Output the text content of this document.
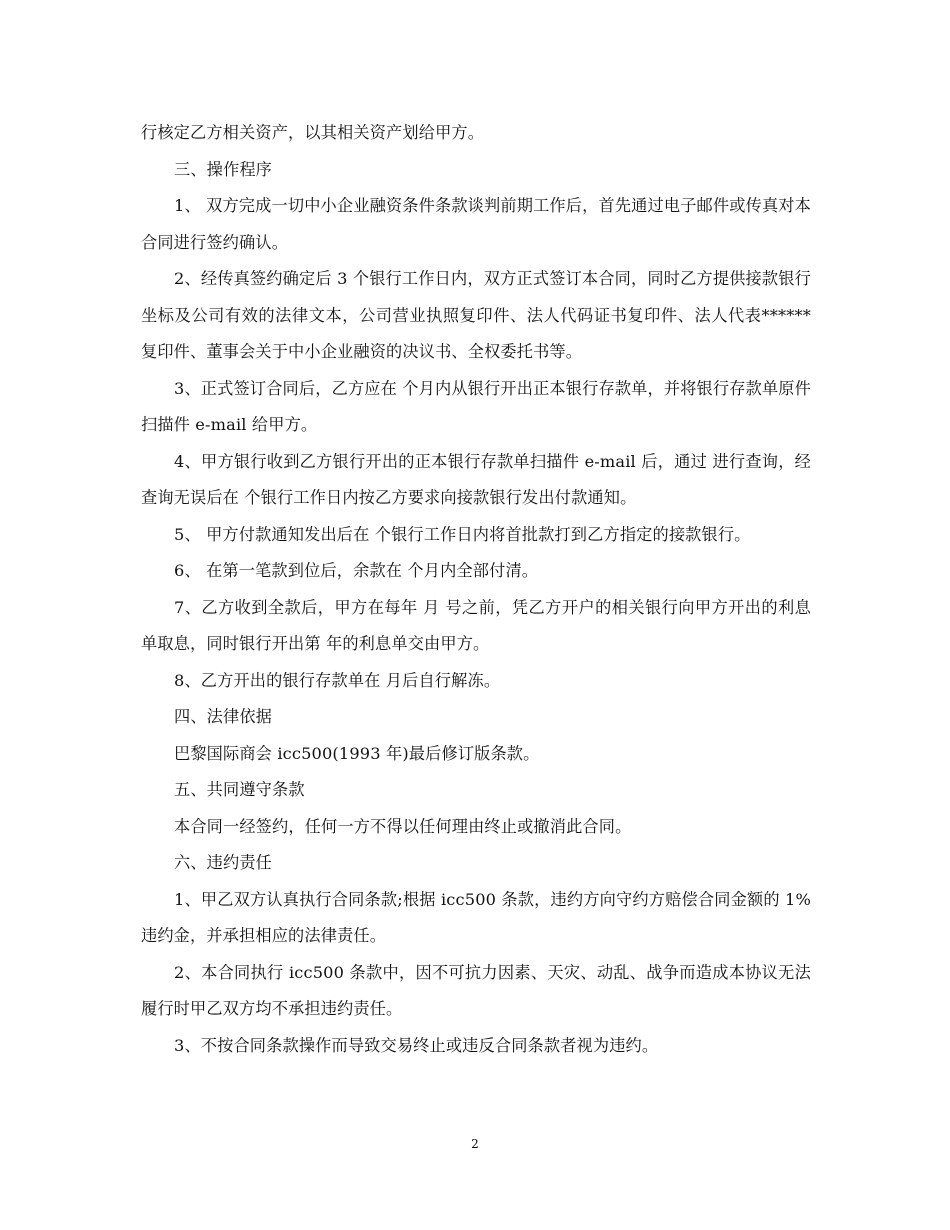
行核定乙方相关资产，以其相关资产划给甲方。

三、操作程序

1、 双方完成一切中小企业融资条件条款谈判前期工作后，首先通过电子邮件或传真对本合同进行签约确认。

2、经传真签约确定后 3 个银行工作日内，双方正式签订本合同，同时乙方提供接款银行坐标及公司有效的法律文本，公司营业执照复印件、法人代码证书复印件、法人代表******复印件、董事会关于中小企业融资的决议书、全权委托书等。

3、正式签订合同后，乙方应在 个月内从银行开出正本银行存款单，并将银行存款单原件扫描件 e-mail 给甲方。

4、甲方银行收到乙方银行开出的正本银行存款单扫描件 e-mail 后，通过 进行查询，经查询无误后在 个银行工作日内按乙方要求向接款银行发出付款通知。

5、 甲方付款通知发出后在 个银行工作日内将首批款打到乙方指定的接款银行。

6、 在第一笔款到位后，余款在 个月内全部付清。

7、乙方收到全款后，甲方在每年 月 号之前，凭乙方开户的相关银行向甲方开出的利息单取息，同时银行开出第 年的利息单交由甲方。

8、乙方开出的银行存款单在 月后自行解冻。

四、法律依据

巴黎国际商会 icc500(1993 年)最后修订版条款。

五、共同遵守条款

本合同一经签约，任何一方不得以任何理由终止或撤消此合同。

六、违约责任

1、甲乙双方认真执行合同条款;根据 icc500 条款，违约方向守约方赔偿合同金额的 1%违约金，并承担相应的法律责任。

2、本合同执行 icc500 条款中，因不可抗力因素、天灾、动乱、战争而造成本协议无法履行时甲乙双方均不承担违约责任。

3、不按合同条款操作而导致交易终止或违反合同条款者视为违约。

2
